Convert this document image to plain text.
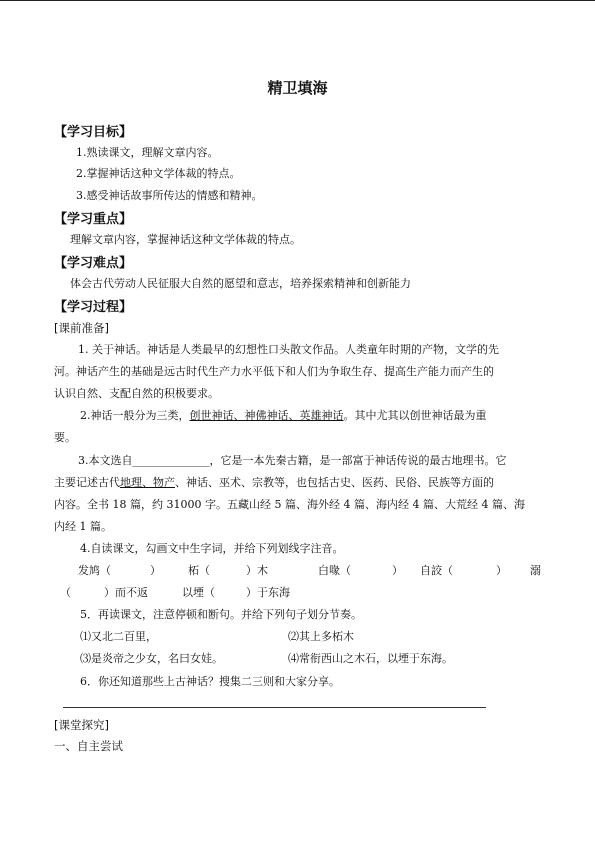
精卫填海
【学习目标】
1.熟读课文，理解文章内容。
2.掌握神话这种文学体裁的特点。
3.感受神话故事所传达的情感和精神。
【学习重点】
理解文章内容，掌握神话这种文学体裁的特点。
【学习难点】
体会古代劳动人民征服大自然的愿望和意志，培养探索精神和创新能力
【学习过程】
[课前准备]
1. 关于神话。神话是人类最早的幻想性口头散文作品。人类童年时期的产物，文学的先
河。神话产生的基础是远古时代生产力水平低下和人们为争取生存、提高生产能力而产生的
认识自然、支配自然的积极要求。
2.神话一般分为三类，创世神话、神佛神话、英雄神话。其中尤其以创世神话最为重
要。
3.本文选自______________，它是一本先秦古籍，是一部富于神话传说的最古地理书。它
主要记述古代地理、物产、神话、巫术、宗教等，也包括古史、医药、民俗、民族等方面的
内容。全书 18 篇，约 31000 字。五藏山经 5 篇、海外经 4 篇、海内经 4 篇、大荒经 4 篇、海
内经 1 篇。
4.自读课文，勾画文中生字词，并给下列划线字注音。
发鸠（	） 柘（	）木	白喙（	） 自詨（	） 溺
（	）而不返	以堙（	）于东海
5．再读课文，注意停顿和断句。并给下列句子划分节奏。
⑴又北二百里，	⑵其上多柘木
⑶是炎帝之少女，名曰女娃。	⑷常衔西山之木石，以堙于东海。
6．你还知道那些上古神话？搜集二三则和大家分享。
[课堂探究]
一、自主尝试
